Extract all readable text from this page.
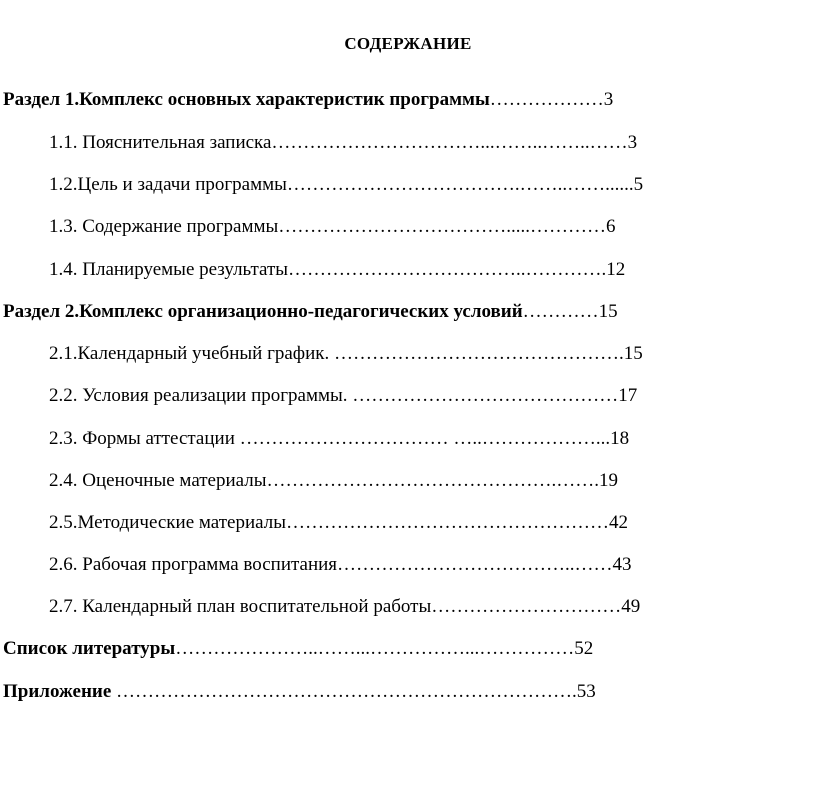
СОДЕРЖАНИЕ
Раздел 1.Комплекс основных характеристик программы………………3
1.1. Пояснительная записка……………………………...……..……..……3
1.2.Цель и задачи программы……………………………….……..……......5
1.3. Содержание программы……………………………….....…………6
1.4. Планируемые результаты………………………………..………….12
Раздел 2.Комплекс организационно-педагогических условий…………15
2.1.Календарный учебный график. ……………………………………….15
2.2. Условия реализации программы. ……………………………………17
2.3. Формы аттестации …………………………… …..………………...18
2.4. Оценочные материалы……………………………………….…….19
2.5.Методические материалы……………………………………………42
2.6. Рабочая программа воспитания………………………………..……43
2.7. Календарный план воспитательной работы…………………………49
Список литературы…………………..……...……………...……………52
Приложение ……………………………………………………………….53
